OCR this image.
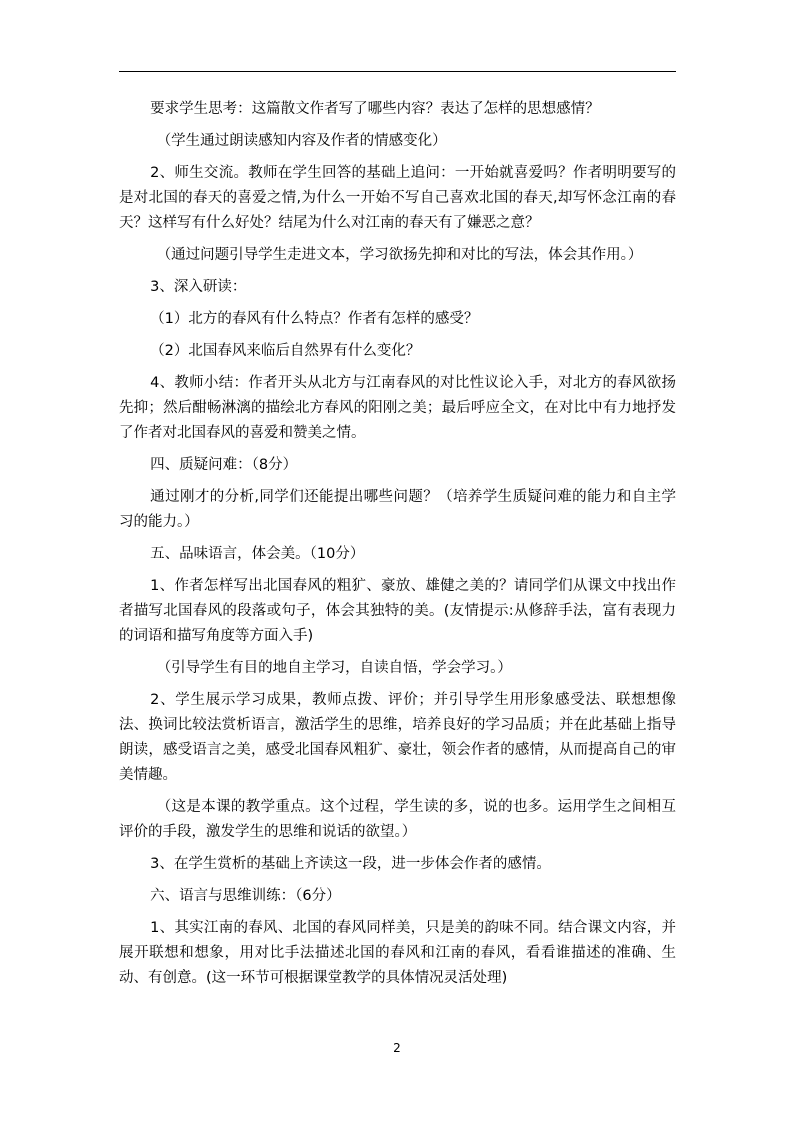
要求学生思考：这篇散文作者写了哪些内容？表达了怎样的思想感情？

（学生通过朗读感知内容及作者的情感变化）

2、师生交流。教师在学生回答的基础上追问：一开始就喜爱吗？作者明明要写的是对北国的春天的喜爱之情,为什么一开始不写自己喜欢北国的春天,却写怀念江南的春天？这样写有什么好处？结尾为什么对江南的春天有了嫌恶之意？

（通过问题引导学生走进文本，学习欲扬先抑和对比的写法，体会其作用。）

3、深入研读：

（1）北方的春风有什么特点？作者有怎样的感受？

（2）北国春风来临后自然界有什么变化？

4、教师小结：作者开头从北方与江南春风的对比性议论入手，对北方的春风欲扬先抑；然后酣畅淋漓的描绘北方春风的阳刚之美；最后呼应全文，在对比中有力地抒发了作者对北国春风的喜爱和赞美之情。

四、质疑问难：（8分）

通过刚才的分析,同学们还能提出哪些问题？（培养学生质疑问难的能力和自主学习的能力。）

五、品味语言，体会美。（10分）

1、作者怎样写出北国春风的粗犷、豪放、雄健之美的？请同学们从课文中找出作者描写北国春风的段落或句子，体会其独特的美。(友情提示:从修辞手法，富有表现力的词语和描写角度等方面入手)

（引导学生有目的地自主学习，自读自悟，学会学习。）

2、学生展示学习成果，教师点拨、评价；并引导学生用形象感受法、联想想像法、换词比较法赏析语言，激活学生的思维，培养良好的学习品质；并在此基础上指导朗读，感受语言之美，感受北国春风粗犷、豪壮，领会作者的感情，从而提高自己的审美情趣。

（这是本课的教学重点。这个过程，学生读的多，说的也多。运用学生之间相互评价的手段，激发学生的思维和说话的欲望。）

3、在学生赏析的基础上齐读这一段，进一步体会作者的感情。

六、语言与思维训练：（6分）

1、其实江南的春风、北国的春风同样美，只是美的韵味不同。结合课文内容，并展开联想和想象，用对比手法描述北国的春风和江南的春风，看看谁描述的准确、生动、有创意。(这一环节可根据课堂教学的具体情况灵活处理)

2
